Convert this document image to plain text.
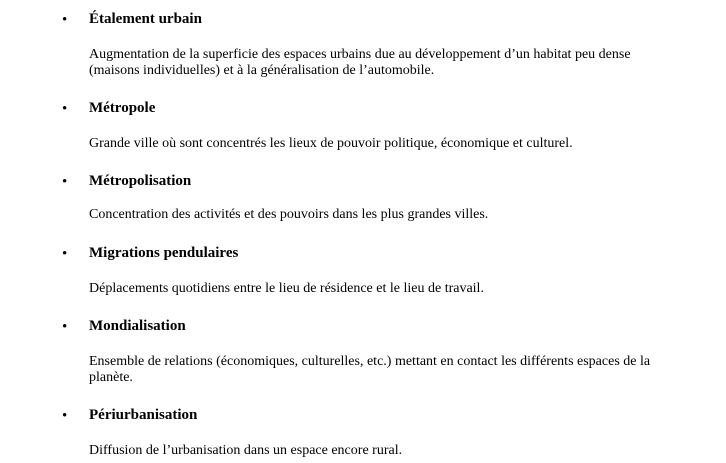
• Étalement urbain
Augmentation de la superficie des espaces urbains due au développement d’un habitat peu dense (maisons individuelles) et à la généralisation de l’automobile.
• Métropole
Grande ville où sont concentrés les lieux de pouvoir politique, économique et culturel.
• Métropolisation
Concentration des activités et des pouvoirs dans les plus grandes villes.
• Migrations pendulaires
Déplacements quotidiens entre le lieu de résidence et le lieu de travail.
• Mondialisation
Ensemble de relations (économiques, culturelles, etc.) mettant en contact les différents espaces de la planète.
• Périurbanisation
Diffusion de l’urbanisation dans un espace encore rural.
